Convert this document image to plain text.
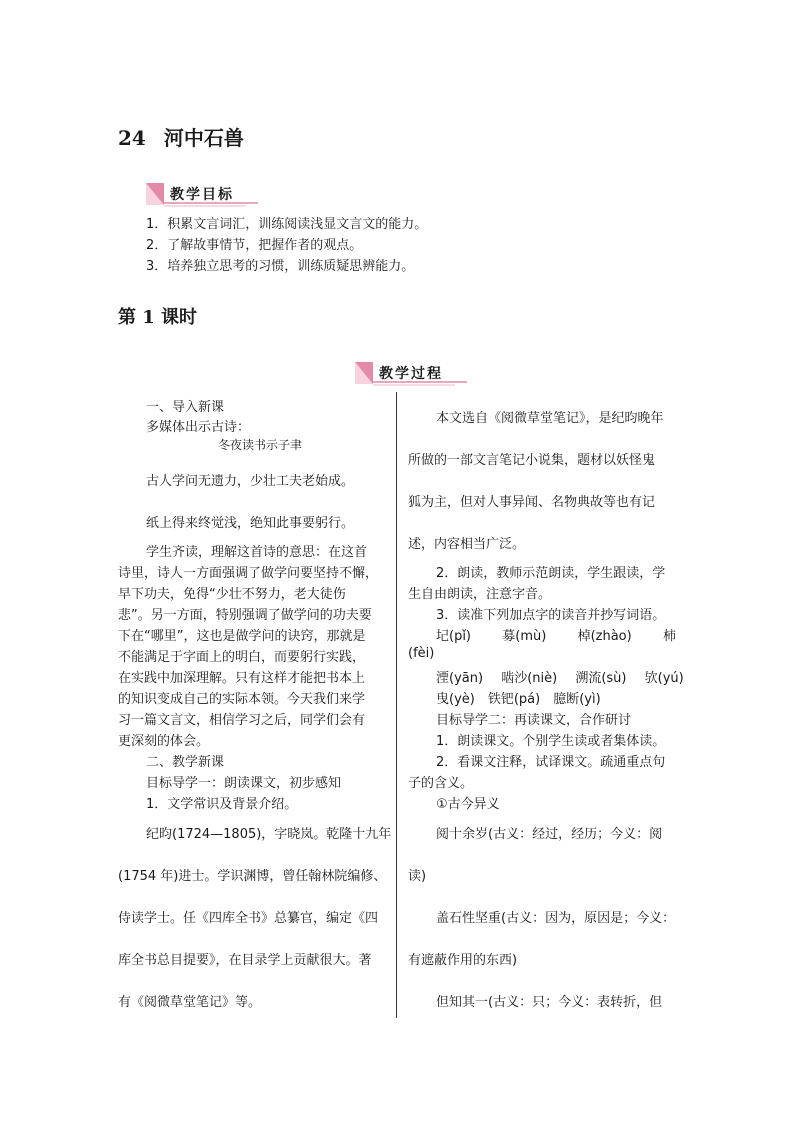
24 河中石兽
教学目标
1．积累文言词汇，训练阅读浅显文言文的能力。
2．了解故事情节，把握作者的观点。
3．培养独立思考的习惯，训练质疑思辨能力。
第 1 课时
教学过程
一、导入新课
多媒体出示古诗：
冬夜读书示子聿
古人学问无遗力，少壮工夫老始成。
纸上得来终觉浅，绝知此事要躬行。
学生齐读，理解这首诗的意思：在这首
诗里，诗人一方面强调了做学问要坚持不懈，
早下功夫，免得“少壮不努力，老大徒伤
悲”。另一方面，特别强调了做学问的功夫要
下在“哪里”，这也是做学问的诀窍，那就是
不能满足于字面上的明白，而要躬行实践，
在实践中加深理解。只有这样才能把书本上
的知识变成自己的实际本领。今天我们来学
习一篇文言文，相信学习之后，同学们会有
更深刻的体会。
二、教学新课
目标导学一：朗读课文，初步感知
1．文学常识及背景介绍。
纪昀(1724—1805)，字晓岚。乾隆十九年
(1754 年)进士。学识渊博，曾任翰林院编修、
侍读学士。任《四库全书》总纂官，编定《四
库全书总目提要》，在目录学上贡献很大。著
有《阅微草堂笔记》等。
本文选自《阅微草堂笔记》，是纪昀晚年
所做的一部文言笔记小说集，题材以妖怪鬼
狐为主，但对人事异闻、名物典故等也有记
述，内容相当广泛。
2．朗读，教师示范朗读，学生跟读，学
生自由朗读，注意字音。
3．读准下列加点字的读音并抄写词语。
圮(pǐ) 募(mù) 棹(zhào) 柿
(fèi)
湮(yān) 啮沙(niè) 溯流(sù) 欤(yú)
曳(yè)　铁钯(pá)　臆断(yì)
目标导学二：再读课文，合作研讨
1．朗读课文。个别学生读或者集体读。
2．看课文注释，试译课文。疏通重点句
子的含义。
①古今异义
阅十余岁(古义：经过，经历；今义：阅
读)
盖石性坚重(古义：因为，原因是；今义：
有遮蔽作用的东西)
但知其一(古义：只；今义：表转折，但
